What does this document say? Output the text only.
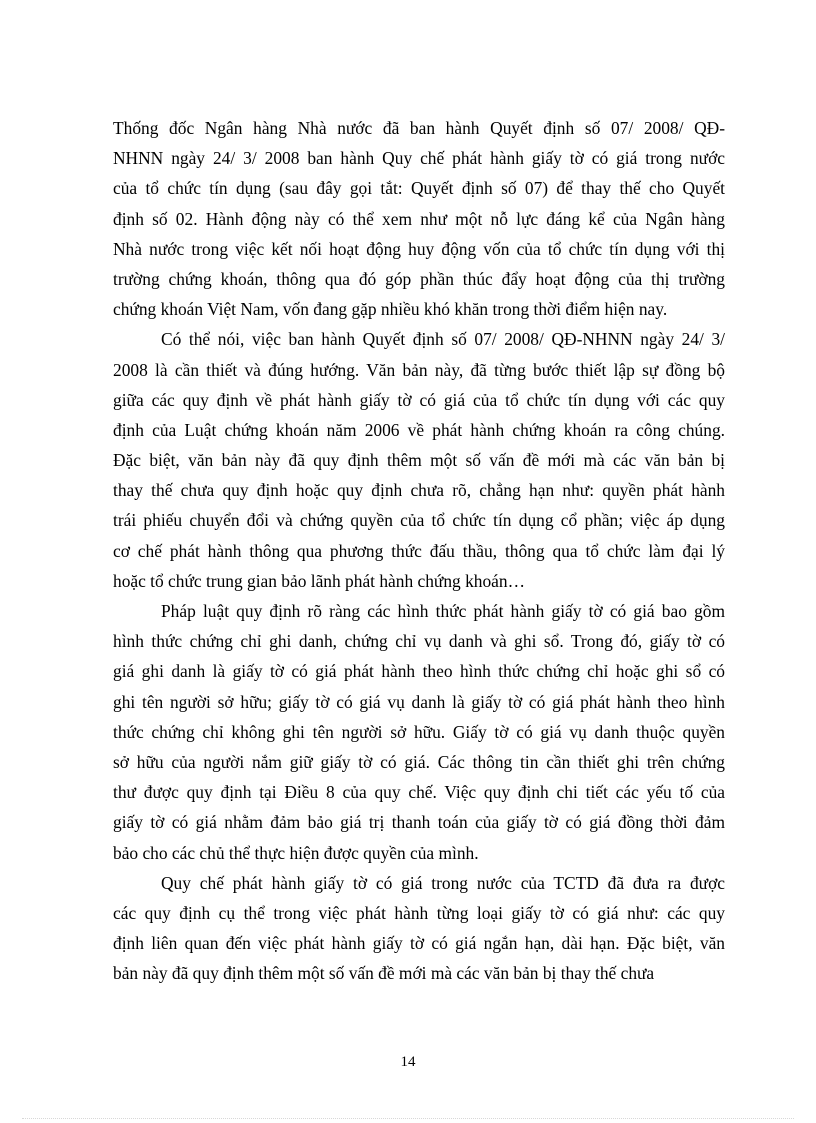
Thống đốc Ngân hàng Nhà nước đã ban hành Quyết định số 07/ 2008/ QĐ-
NHNN ngày 24/ 3/ 2008 ban hành Quy chế phát hành giấy tờ có giá trong nước
của tổ chức tín dụng (sau đây gọi tắt: Quyết định số 07) để thay thế cho Quyết
định số 02. Hành động này có thể xem như một nỗ lực đáng kể của Ngân hàng
Nhà nước trong việc kết nối hoạt động huy động vốn của tổ chức tín dụng với thị
trường chứng khoán, thông qua đó góp phần thúc đẩy hoạt động của thị trường
chứng khoán Việt Nam, vốn đang gặp nhiều khó khăn trong thời điểm hiện nay.
Có thể nói, việc ban hành Quyết định số 07/ 2008/ QĐ-NHNN ngày 24/ 3/
2008 là cần thiết và đúng hướng. Văn bản này, đã từng bước thiết lập sự đồng bộ
giữa các quy định về phát hành giấy tờ có giá của tổ chức tín dụng với các quy
định của Luật chứng khoán năm 2006 về phát hành chứng khoán ra công chúng.
Đặc biệt, văn bản này đã quy định thêm một số vấn đề mới mà các văn bản bị
thay thế chưa quy định hoặc quy định chưa rõ, chẳng hạn như: quyền phát hành
trái phiếu chuyển đổi và chứng quyền của tổ chức tín dụng cổ phần; việc áp dụng
cơ chế phát hành thông qua phương thức đấu thầu, thông qua tổ chức làm đại lý
hoặc tổ chức trung gian bảo lãnh phát hành chứng khoán…
Pháp luật quy định rõ ràng các hình thức phát hành giấy tờ có giá bao gồm
hình thức chứng chỉ ghi danh, chứng chỉ vụ danh và ghi sổ. Trong đó, giấy tờ có
giá ghi danh là giấy tờ có giá phát hành theo hình thức chứng chỉ hoặc ghi sổ có
ghi tên người sở hữu; giấy tờ có giá vụ danh là giấy tờ có giá phát hành theo hình
thức chứng chỉ không ghi tên người sở hữu. Giấy tờ có giá vụ danh thuộc quyền
sở hữu của người nắm giữ giấy tờ có giá. Các thông tin cần thiết ghi trên chứng
thư được quy định tại Điều 8 của quy chế. Việc quy định chi tiết các yếu tố của
giấy tờ có giá nhằm đảm bảo giá trị thanh toán của giấy tờ có giá đồng thời đảm
bảo cho các chủ thể thực hiện được quyền của mình.
Quy chế phát hành giấy tờ có giá trong nước của TCTD đã đưa ra được
các quy định cụ thể trong việc phát hành từng loại giấy tờ có giá như: các quy
định liên quan đến việc phát hành giấy tờ có giá ngắn hạn, dài hạn. Đặc biệt, văn
bản này đã quy định thêm một số vấn đề mới mà các văn bản bị thay thế chưa
14
